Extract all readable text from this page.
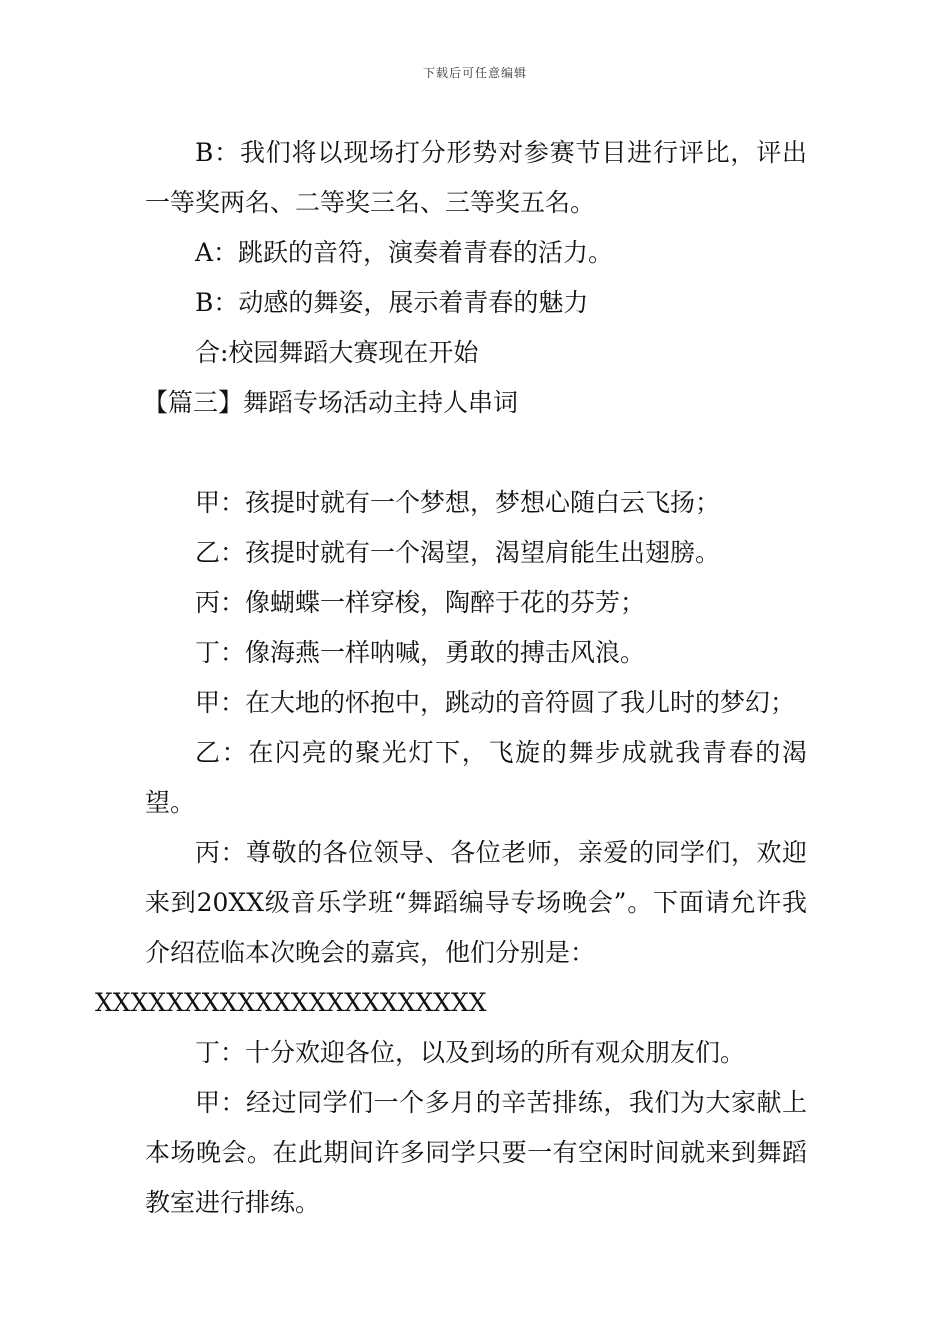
下载后可任意编辑

B：我们将以现场打分形势对参赛节目进行评比，评出一等奖两名、二等奖三名、三等奖五名。

A：跳跃的音符，演奏着青春的活力。

B：动感的舞姿，展示着青春的魅力

合:校园舞蹈大赛现在开始

【篇三】舞蹈专场活动主持人串词

甲：孩提时就有一个梦想，梦想心随白云飞扬；

乙：孩提时就有一个渴望，渴望肩能生出翅膀。

丙：像蝴蝶一样穿梭，陶醉于花的芬芳；

丁：像海燕一样呐喊，勇敢的搏击风浪。

甲：在大地的怀抱中，跳动的音符圆了我儿时的梦幻；

乙：在闪亮的聚光灯下，飞旋的舞步成就我青春的渴望。

丙：尊敬的各位领导、各位老师，亲爱的同学们，欢迎来到20XX级音乐学班“舞蹈编导专场晚会”。下面请允许我介绍莅临本次晚会的嘉宾，他们分别是：
XXXXXXXXXXXXXXXXXXXXXX

丁：十分欢迎各位，以及到场的所有观众朋友们。

甲：经过同学们一个多月的辛苦排练，我们为大家献上本场晚会。在此期间许多同学只要一有空闲时间就来到舞蹈教室进行排练。
